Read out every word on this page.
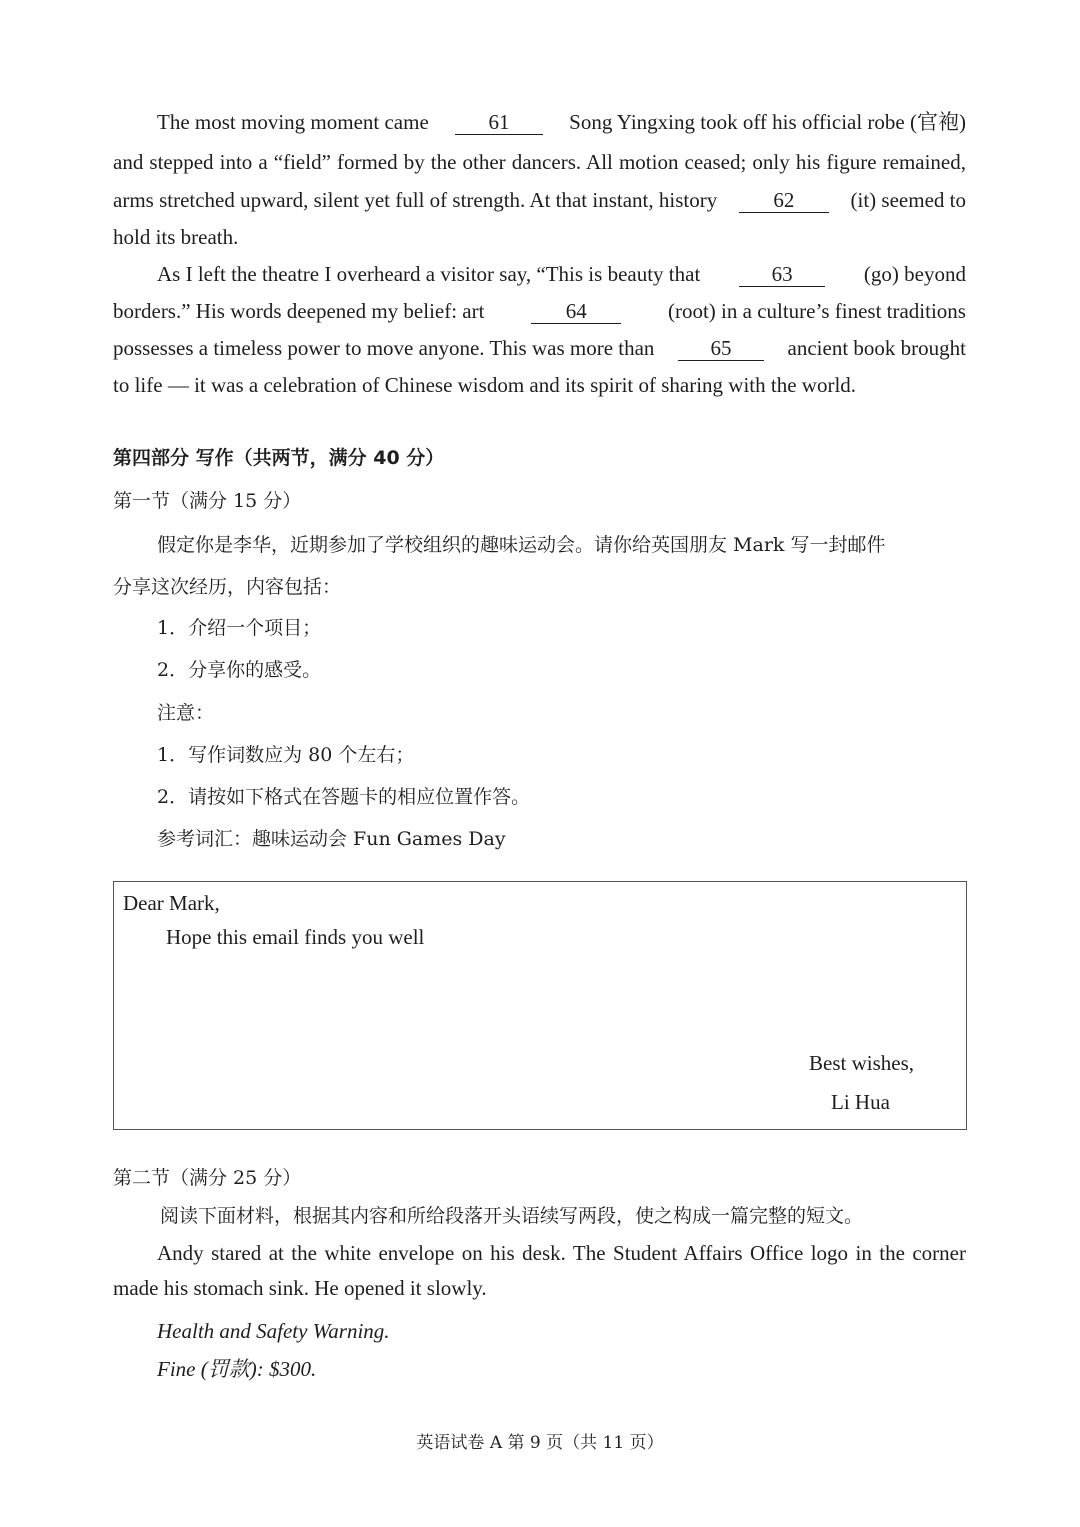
The most moving moment came	61	Song Yingxing took off his official robe (官袍)
and stepped into a “field” formed by the other dancers. All motion ceased; only his figure remained,
arms stretched upward, silent yet full of strength. At that instant, history	62	(it) seemed to
hold its breath.
As I left the theatre I overheard a visitor say, “This is beauty that	63	(go) beyond
borders.” His words deepened my belief: art	64	(root) in a culture’s finest traditions
possesses a timeless power to move anyone. This was more than	65	ancient book brought
to life — it was a celebration of Chinese wisdom and its spirit of sharing with the world.
第四部分 写作（共两节，满分 40 分）
第一节（满分 15 分）
假定你是李华，近期参加了学校组织的趣味运动会。请你给英国朋友 Mark 写一封邮件
分享这次经历，内容包括：
1．介绍一个项目；
2．分享你的感受。
注意：
1．写作词数应为 80 个左右；
2．请按如下格式在答题卡的相应位置作答。
参考词汇：趣味运动会 Fun Games Day
Dear Mark,
Hope this email finds you well
Best wishes,
Li Hua
第二节（满分 25 分）
阅读下面材料，根据其内容和所给段落开头语续写两段，使之构成一篇完整的短文。
Andy stared at the white envelope on his desk. The Student Affairs Office logo in the corner
made his stomach sink. He opened it slowly.
Health and Safety Warning.
Fine (罚款): $300.
英语试卷 A 第 9 页（共 11 页）
